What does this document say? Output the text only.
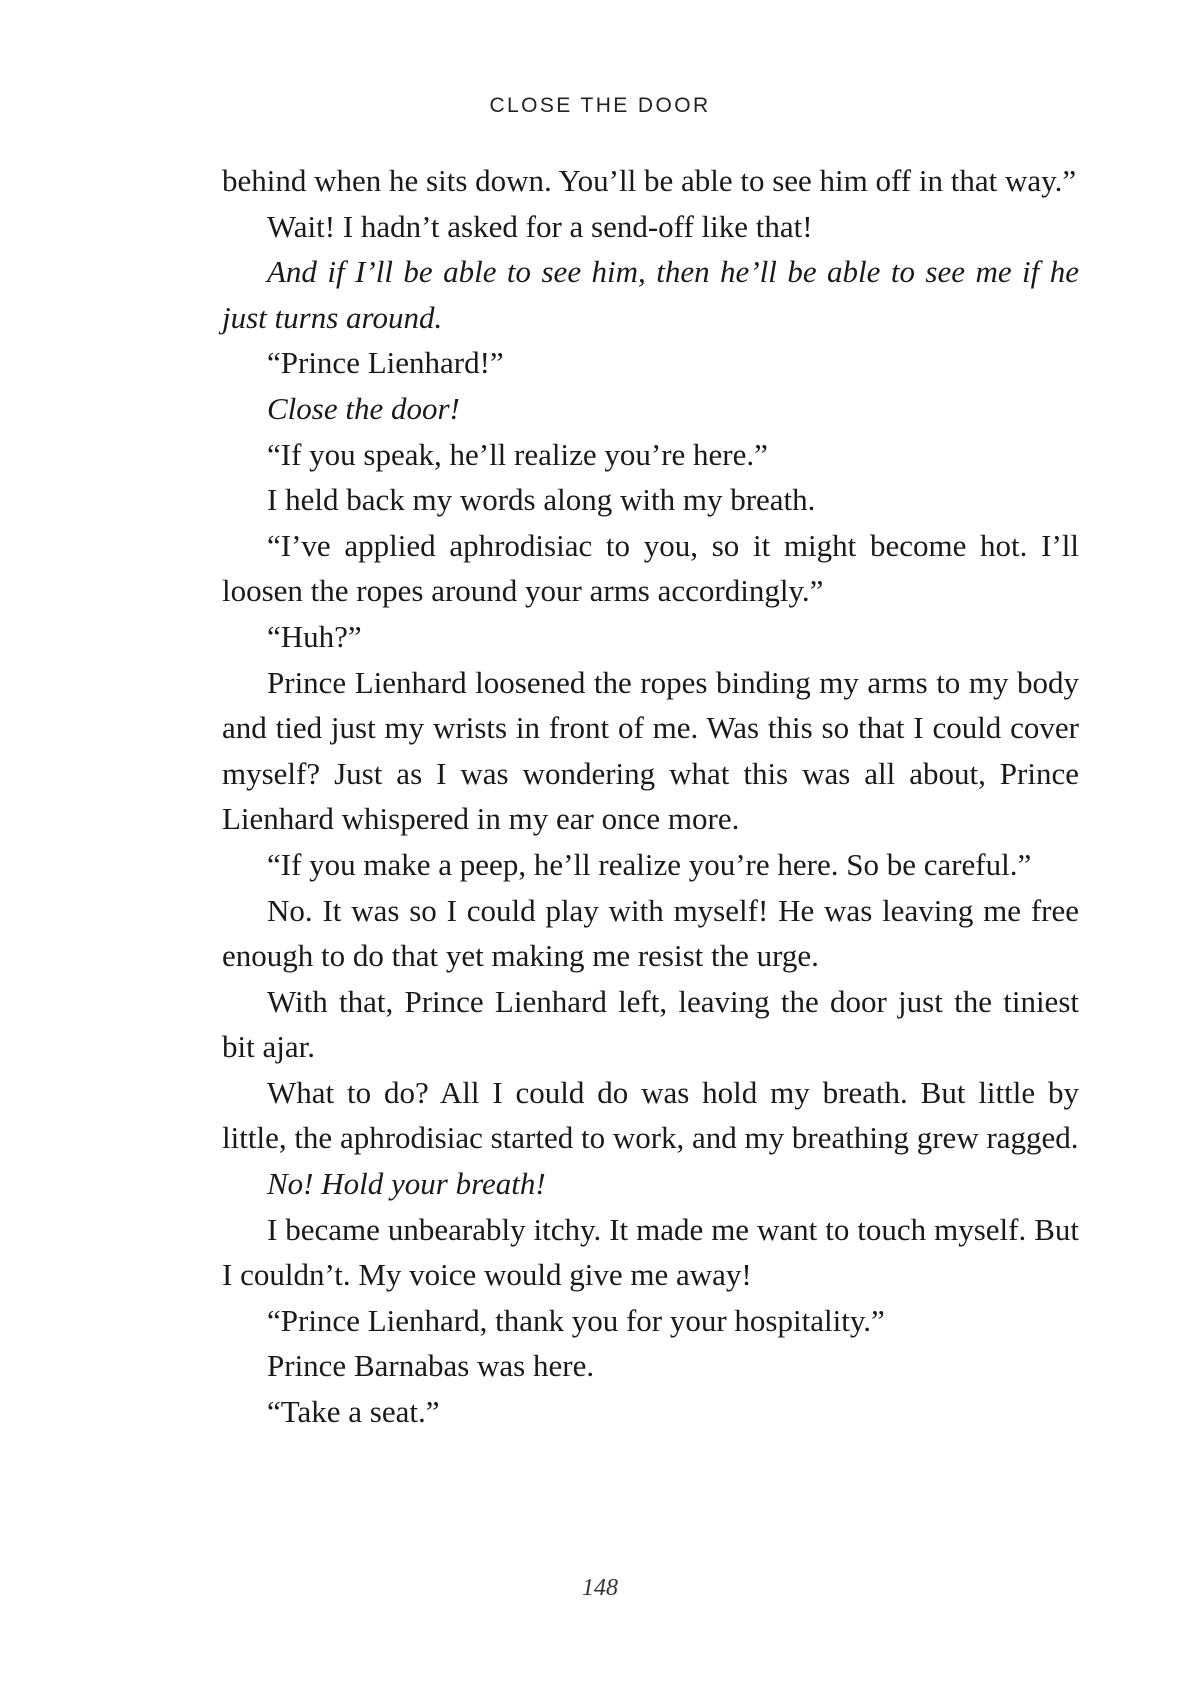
CLOSE THE DOOR

behind when he sits down. You’ll be able to see him off in that way.”

Wait! I hadn’t asked for a send-off like that!

And if I’ll be able to see him, then he’ll be able to see me if he just turns around.

“Prince Lienhard!”

Close the door!

“If you speak, he’ll realize you’re here.”

I held back my words along with my breath.

“I’ve applied aphrodisiac to you, so it might become hot. I’ll loosen the ropes around your arms accordingly.”

“Huh?”

Prince Lienhard loosened the ropes binding my arms to my body and tied just my wrists in front of me. Was this so that I could cover myself? Just as I was wondering what this was all about, Prince Lienhard whispered in my ear once more.

“If you make a peep, he’ll realize you’re here. So be careful.”

No. It was so I could play with myself! He was leaving me free enough to do that yet making me resist the urge.

With that, Prince Lienhard left, leaving the door just the tiniest bit ajar.

What to do? All I could do was hold my breath. But little by little, the aphrodisiac started to work, and my breathing grew ragged.

No! Hold your breath!

I became unbearably itchy. It made me want to touch myself. But I couldn’t. My voice would give me away!

“Prince Lienhard, thank you for your hospitality.”

Prince Barnabas was here.

“Take a seat.”

148
